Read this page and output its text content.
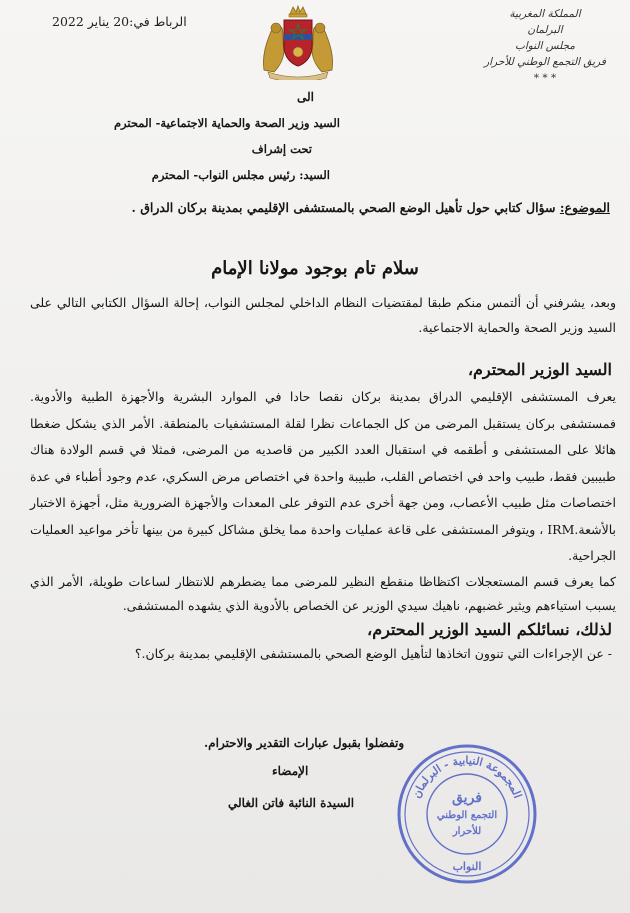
الرباط في:20 يناير 2022	المملكة المغربية
البرلمان
مجلس النواب
فريق التجمع الوطني للأحرار
* * *
الى
السيد وزير الصحة والحماية الاجتماعية- المحترم
تحت إشراف
السيد: رئيس مجلس النواب- المحترم
الموضوع: سؤال كتابي حول تأهيل الوضع الصحي بالمستشفى الإقليمي بمدينة بركان الدراق .
سلام تام بوجود مولانا الإمام
وبعد، يشرفني أن ألتمس منكم طبقا لمقتضيات النظام الداخلي لمجلس النواب، إحالة السؤال الكتابي التالي على السيد وزير الصحة والحماية الاجتماعية.
السيد الوزير المحترم،
يعرف المستشفى الإقليمي الدراق بمدينة بركان نقصا حادا في الموارد البشرية والأجهزة الطبية والأدوية. فمستشفى بركان يستقبل المرضى من كل الجماعات نظرا لقلة المستشفيات بالمنطقة. الأمر الذي يشكل ضغطا هائلا على المستشفى و أطقمه في استقبال العدد الكبير من قاصديه من المرضى، فمثلا في قسم الولادة هناك طبيبين فقط، طبيب واحد في اختصاص القلب، طبيبة واحدة في اختصاص مرض السكري، عدم وجود أطباء في عدة اختصاصات مثل طبيب الأعصاب، ومن جهة أخرى عدم التوفر على المعدات والأجهزة الضرورية مثل، أجهزة الاختبار بالأشعة.IRM ، ويتوفر المستشفى على قاعة عمليات واحدة مما يخلق مشاكل كبيرة من بينها تأخر مواعيد العمليات الجراحية.
كما يعرف قسم المستعجلات اكتظاظا منقطع النظير للمرضى مما يضطرهم للانتظار لساعات طويلة، الأمر الذي يسبب استياءهم ويثير غضبهم، ناهيك سيدي الوزير عن الخصاص بالأدوية الذي يشهده المستشفى.
لذلك، نسائلكم السيد الوزير المحترم،
- عن الإجراءات التي تنوون اتخاذها لتأهيل الوضع الصحي بالمستشفى الإقليمي بمدينة بركان.؟
وتفضلوا بقبول عبارات التقدير والاحترام.
الإمضاء
السيدة النائبة فاتن الغالي
المجموعة النيابية - البرلمان
فريق
التجمع الوطني
للأحرار
النواب
